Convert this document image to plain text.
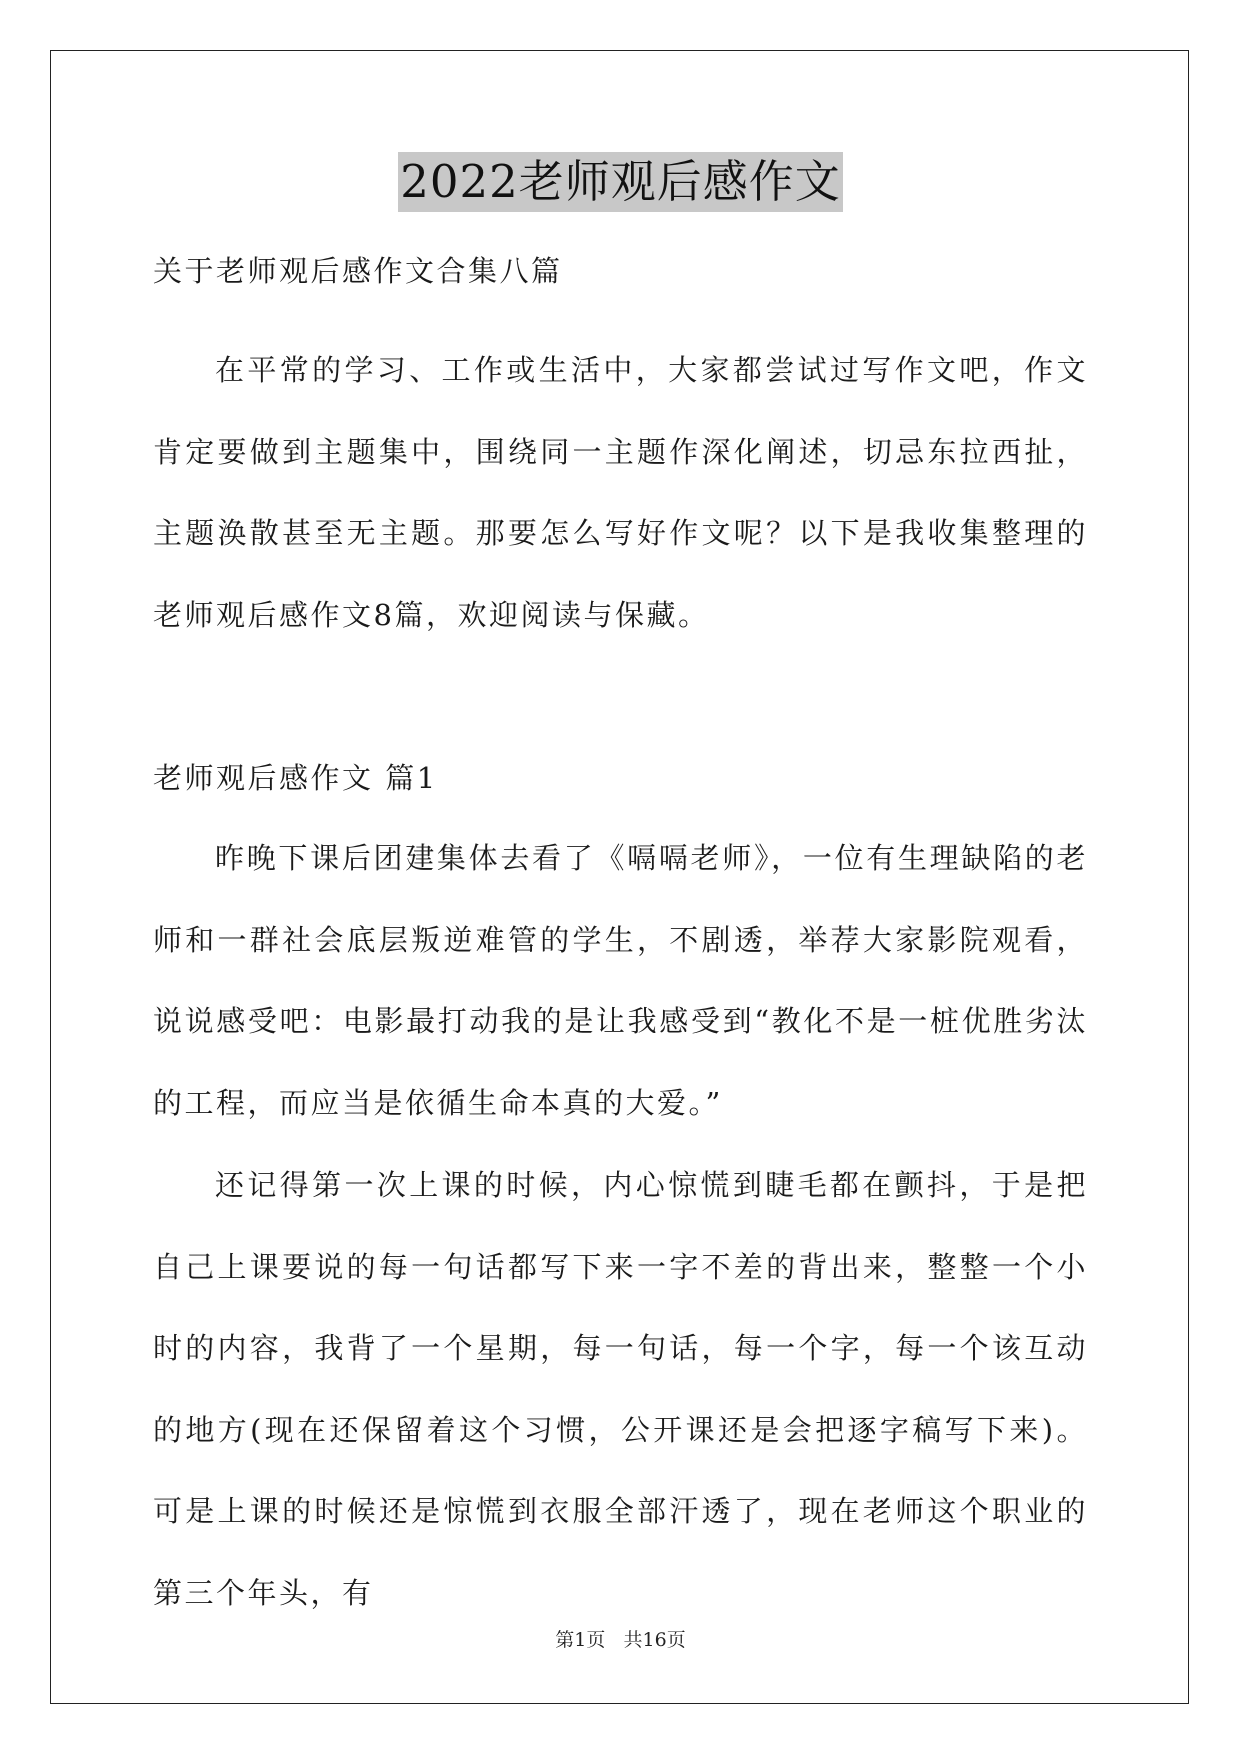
2022老师观后感作文

关于老师观后感作文合集八篇

在平常的学习、工作或生活中，大家都尝试过写作文吧，作文肯定要做到主题集中，围绕同一主题作深化阐述，切忌东拉西扯，主题涣散甚至无主题。那要怎么写好作文呢？以下是我收集整理的老师观后感作文8篇，欢迎阅读与保藏。

老师观后感作文 篇1

昨晚下课后团建集体去看了《嗝嗝老师》，一位有生理缺陷的老师和一群社会底层叛逆难管的学生，不剧透，举荐大家影院观看，说说感受吧：电影最打动我的是让我感受到“教化不是一桩优胜劣汰的工程，而应当是依循生命本真的大爱。”

还记得第一次上课的时候，内心惊慌到睫毛都在颤抖，于是把自己上课要说的每一句话都写下来一字不差的背出来，整整一个小时的内容，我背了一个星期，每一句话，每一个字，每一个该互动的地方(现在还保留着这个习惯，公开课还是会把逐字稿写下来)。可是上课的时候还是惊慌到衣服全部汗透了，现在老师这个职业的第三个年头，有

第1页 共16页
